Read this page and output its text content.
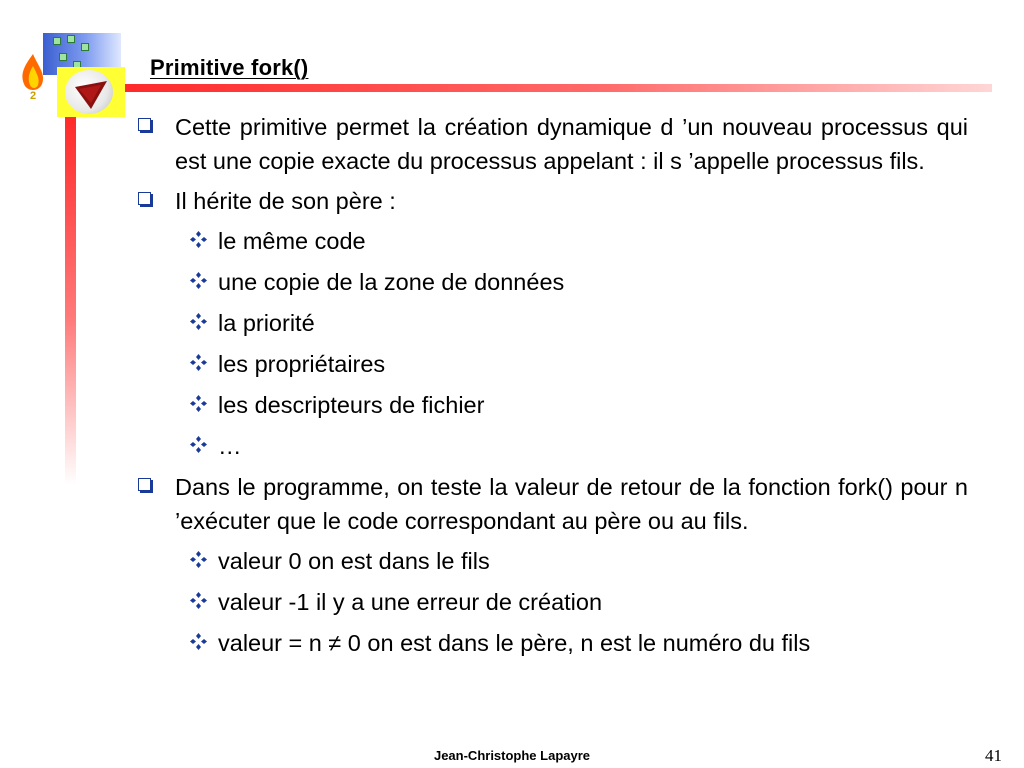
2
Primitive fork()
Cette primitive permet la création dynamique d ’un nouveau processus qui est une copie exacte du processus appelant : il s ’appelle processus fils.
Il hérite de son père :
le même code
une copie de la zone de données
la priorité
les propriétaires
les descripteurs de fichier
…
Dans le programme, on teste la valeur de retour de la fonction fork() pour n ’exécuter que le code correspondant au père ou au fils.
valeur 0 on est dans le fils
valeur -1 il y a une erreur de création
valeur = n ≠ 0 on est dans le père, n est le numéro du fils
Jean-Christophe Lapayre	41
